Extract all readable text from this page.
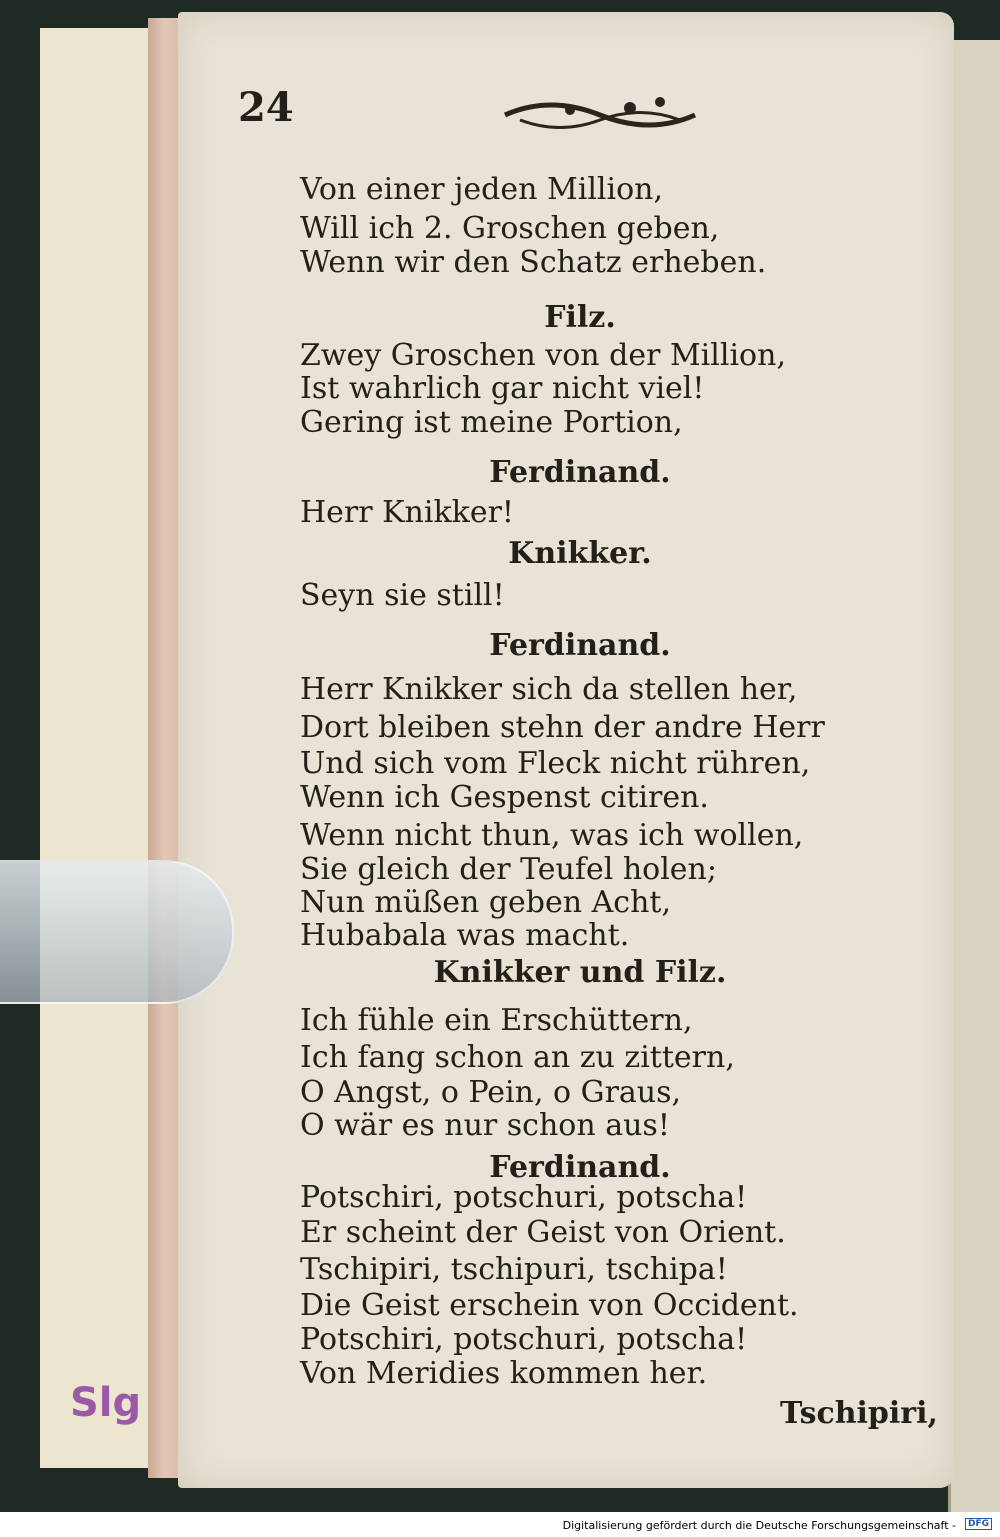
Slg
24
Von einer jeden Million,
Will ich 2. Groschen geben,
Wenn wir den Schatz erheben.
Filz.
Zwey Groschen von der Million,
Ist wahrlich gar nicht viel!
Gering ist meine Portion,
Ferdinand.
Herr Knikker!
Knikker.
Seyn sie still!
Ferdinand.
Herr Knikker sich da stellen her,
Dort bleiben stehn der andre Herr
Und sich vom Fleck nicht rühren,
Wenn ich Gespenst citiren.
Wenn nicht thun, was ich wollen,
Sie gleich der Teufel holen;
Nun müßen geben Acht,
Hubabala was macht.
Knikker und Filz.
Ich fühle ein Erschüttern,
Ich fang schon an zu zittern,
O Angst, o Pein, o Graus,
O wär es nur schon aus!
Ferdinand.
Potschiri, potschuri, potscha!
Er scheint der Geist von Orient.
Tschipiri, tschipuri, tschipa!
Die Geist erschein von Occident.
Potschiri, potschuri, potscha!
Von Meridies kommen her.
Tschipiri,
Digitalisierung gefördert durch die Deutsche Forschungsgemeinschaft -	DFG
